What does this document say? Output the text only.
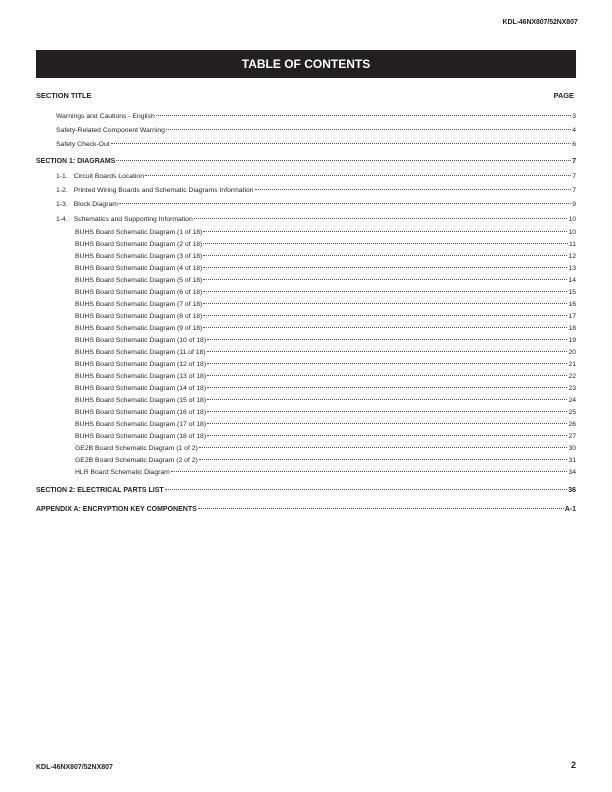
KDL-46NX807/52NX807
TABLE OF CONTENTS
SECTION TITLE	PAGE
Warnings and Cautions - English	3
Safety-Related Component Warning	4
Safety Check-Out	6
SECTION 1: DIAGRAMS	7
1-1. Circuit Boards Location	7
1-2. Printed Wiring Boards and Schematic Diagrams Information	7
1-3. Block Diagram	9
1-4. Schematics and Supporting Information	10
BUHS Board Schematic Diagram (1 of 18)	10
BUHS Board Schematic Diagram (2 of 18)	11
BUHS Board Schematic Diagram (3 of 18)	12
BUHS Board Schematic Diagram (4 of 18)	13
BUHS Board Schematic Diagram (5 of 18)	14
BUHS Board Schematic Diagram (6 of 18)	15
BUHS Board Schematic Diagram (7 of 18)	16
BUHS Board Schematic Diagram (8 of 18)	17
BUHS Board Schematic Diagram (9 of 18)	18
BUHS Board Schematic Diagram (10 of 18)	19
BUHS Board Schematic Diagram (11 of 18)	20
BUHS Board Schematic Diagram (12 of 18)	21
BUHS Board Schematic Diagram (13 of 18)	22
BUHS Board Schematic Diagram (14 of 18)	23
BUHS Board Schematic Diagram (15 of 18)	24
BUHS Board Schematic Diagram (16 of 18)	25
BUHS Board Schematic Diagram (17 of 18)	26
BUHS Board Schematic Diagram (18 of 18)	27
GE2B Board Schematic Diagram (1 of 2)	30
GE2B Board Schematic Diagram (2 of 2)	31
HLR Board Schematic Diagram	34
SECTION 2: ELECTRICAL PARTS LIST	36
APPENDIX A: ENCRYPTION KEY COMPONENTS	A-1
KDL-46NX807/52NX807	2
